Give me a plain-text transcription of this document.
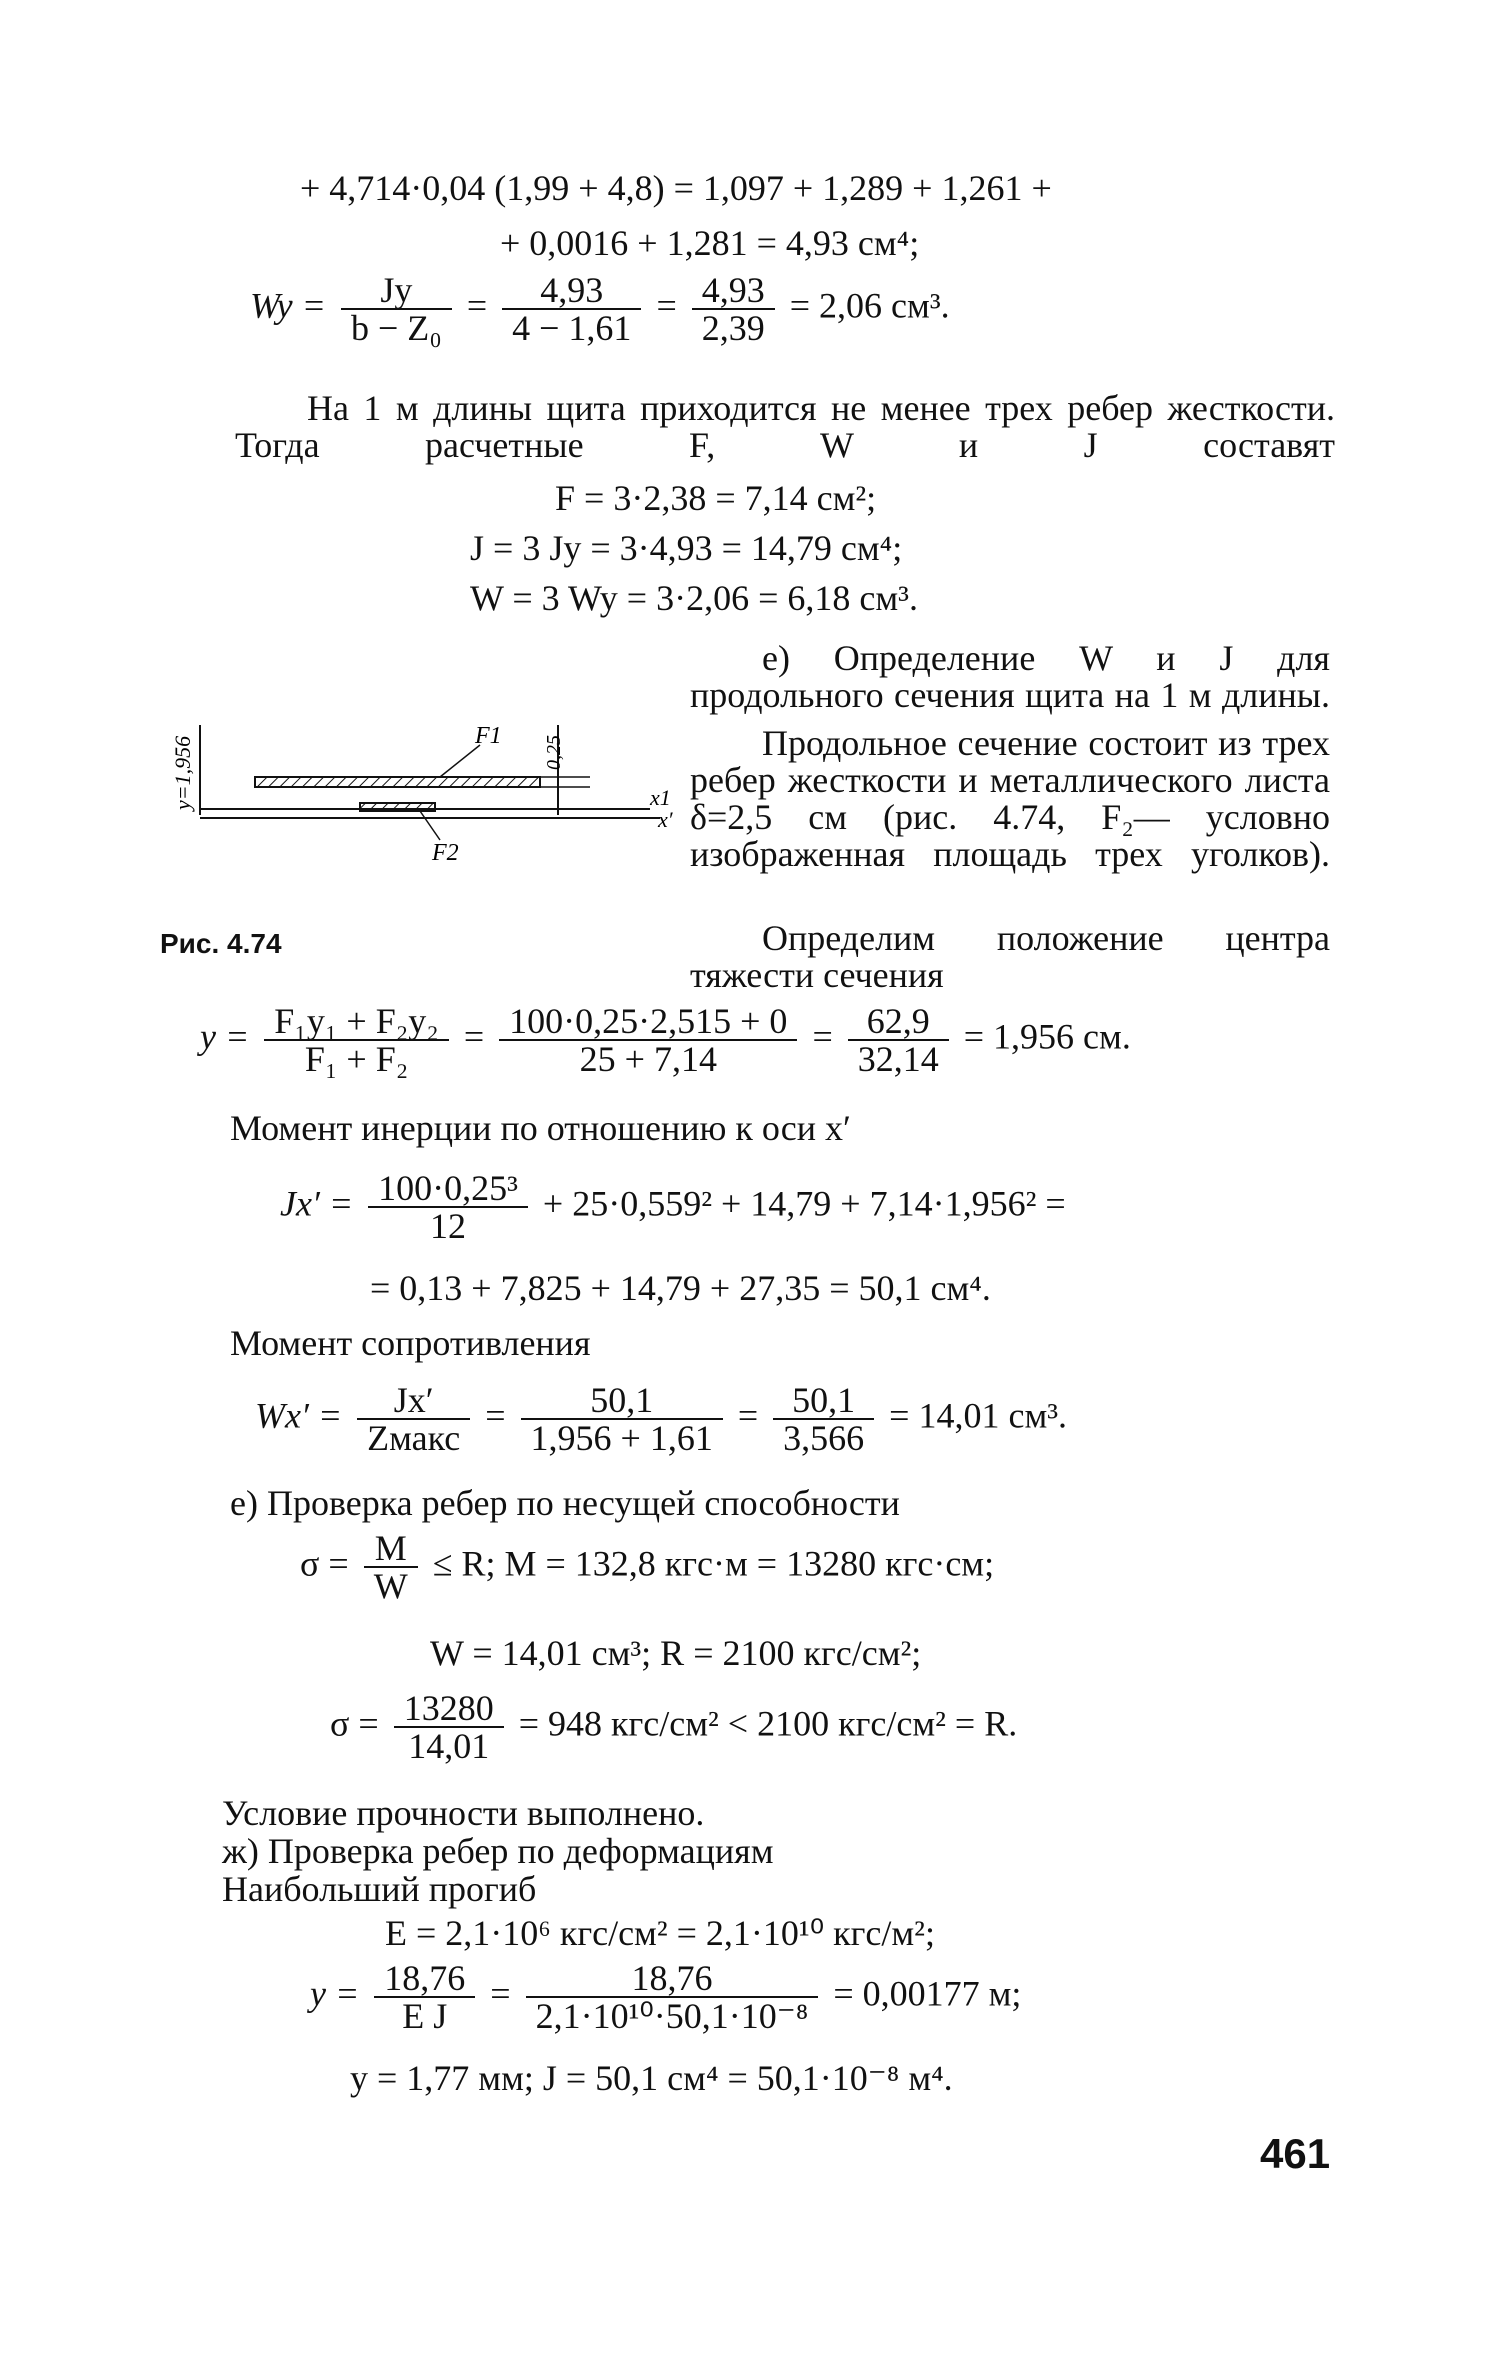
+ 4,714·0,04 (1,99 + 4,8) = 1,097 + 1,289 + 1,261 +
+ 0,0016 + 1,281 = 4,93 см⁴;
$Wy = \frac{Jy}{\text{b − Z₀}} = \frac{4,93}{4 - 1,61} = \frac{4,93}{2,39} = 2,06$ см³.
На 1 м длины щита приходится не менее трех ребер жесткости. Тогда расчетные F, W и J составят
F = 3·2,38 = 7,14 см²;
J = 3 Jy = 3·4,93 = 14,79 см⁴;
W = 3 Wy = 3·2,06 = 6,18 см³.
е) Определение W и J для продольного сечения щита на 1 м длины.
Продольное сечение состоит из трех ребер жесткости и металлического листа δ=2,5 см (рис. 4.74, F₂— условно изображенная площадь трех уголков).
y=1,956	0,25
F1
F2
x1
x′
Рис. 4.74	Определим положение центра тяжести сечения
$y = \frac{\text{F₁y₁ + F₂y₂}}{\text{F₁ + F₂}} = \frac{100\cdot 0,25\cdot 2,515 + 0}{25 + 7,14} = \frac{62,9}{32,14} = 1,956$ см.
Момент инерции по отношению к оси x′
$Jx' = \frac{\text{100·0,25³}}{12} + 25\cdot 0,559^2 + 14,79 + 7,14\cdot 1,956^2$ =
= 0,13 + 7,825 + 14,79 + 27,35 = 50,1 см⁴.
Момент сопротивления
$Wx' = \frac{Jx'}{\text{Zмакс}} = \frac{50,1}{1,956 + 1,61} = \frac{50,1}{3,566} = 14,01$ см³.
е) Проверка ребер по несущей способности
$\sigma = \frac{M}{W} \le R$; M = 132,8 кгс·м = 13280 кгс·см;
W = 14,01 см³; R = 2100 кгс/см²;
$\sigma = \frac{13280}{14,01} = 948$ кгс/см² < 2100 кгс/см² = R.
Условие прочности выполнено.
ж) Проверка ребер по деформациям
Наибольший прогиб
E = 2,1·10⁶ кгс/см² = 2,1·10¹⁰ кгс/м²;
$y = \frac{18,76}{\text{E J}} = \frac{18,76}{\text{2,1·10¹⁰·50,1·10⁻⁸}} = 0,00177$ м;
y = 1,77 мм; J = 50,1 см⁴ = 50,1·10⁻⁸ м⁴.
461
